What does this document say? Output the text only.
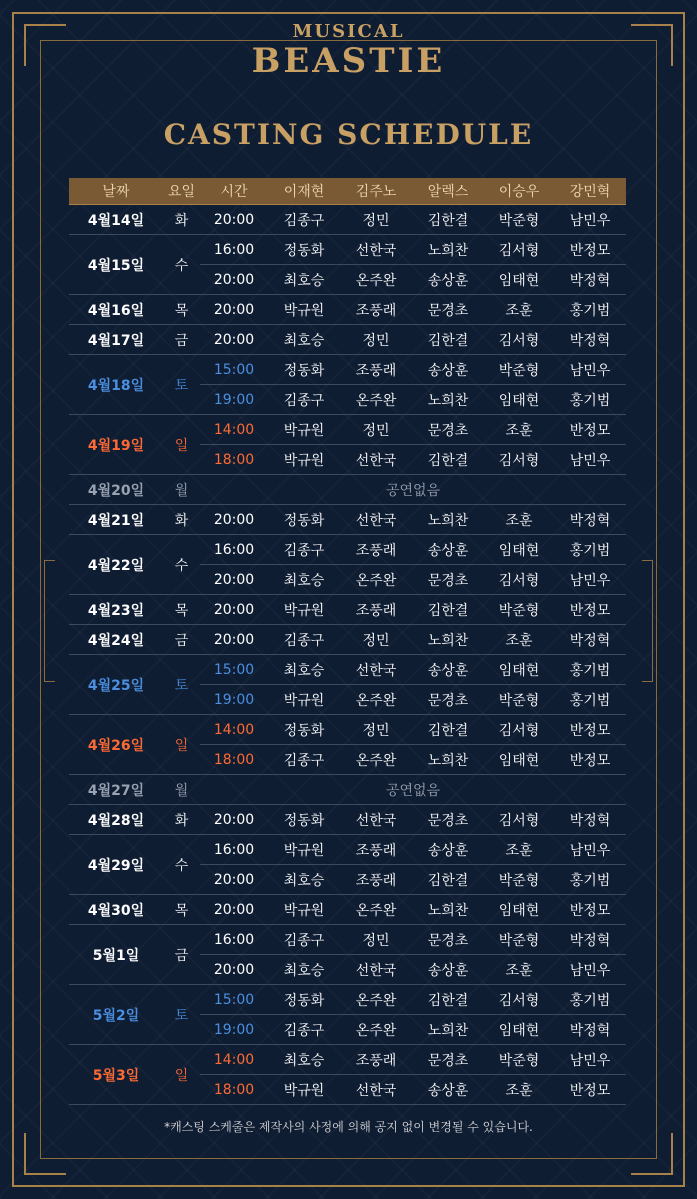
MUSICAL
BEASTIE
CASTING SCHEDULE
날짜	요일	시간	이재현	김주노	알렉스	이승우	강민혁
4월14일	화	20:00	김종구	정민	김한결	박준형	남민우
4월15일	수	16:00	정동화	선한국	노희찬	김서형	반정모
		20:00	최호승	온주완	송상훈	임태현	박정혁
4월16일	목	20:00	박규원	조풍래	문경초	조훈	홍기범
4월17일	금	20:00	최호승	정민	김한결	김서형	박정혁
4월18일	토	15:00	정동화	조풍래	송상훈	박준형	남민우
		19:00	김종구	온주완	노희찬	임태현	홍기범
4월19일	일	14:00	박규원	정민	문경초	조훈	반정모
		18:00	박규원	선한국	김한결	김서형	남민우
4월20일	월	공연없음					
4월21일	화	20:00	정동화	선한국	노희찬	조훈	박정혁
4월22일	수	16:00	김종구	조풍래	송상훈	임태현	홍기범
		20:00	최호승	온주완	문경초	김서형	남민우
4월23일	목	20:00	박규원	조풍래	김한결	박준형	반정모
4월24일	금	20:00	김종구	정민	노희찬	조훈	박정혁
4월25일	토	15:00	최호승	선한국	송상훈	임태현	홍기범
		19:00	박규원	온주완	문경초	박준형	홍기범
4월26일	일	14:00	정동화	정민	김한결	김서형	반정모
		18:00	김종구	온주완	노희찬	임태현	반정모
4월27일	월	공연없음					
4월28일	화	20:00	정동화	선한국	문경초	김서형	박정혁
4월29일	수	16:00	박규원	조풍래	송상훈	조훈	남민우
		20:00	최호승	조풍래	김한결	박준형	홍기범
4월30일	목	20:00	박규원	온주완	노희찬	임태현	반정모
5월1일	금	16:00	김종구	정민	문경초	박준형	박정혁
		20:00	최호승	선한국	송상훈	조훈	남민우
5월2일	토	15:00	정동화	온주완	김한결	김서형	홍기범
		19:00	김종구	온주완	노희찬	임태현	박정혁
5월3일	일	14:00	최호승	조풍래	문경초	박준형	남민우
		18:00	박규원	선한국	송상훈	조훈	반정모
*캐스팅 스케줄은 제작사의 사정에 의해 공지 없이 변경될 수 있습니다.
